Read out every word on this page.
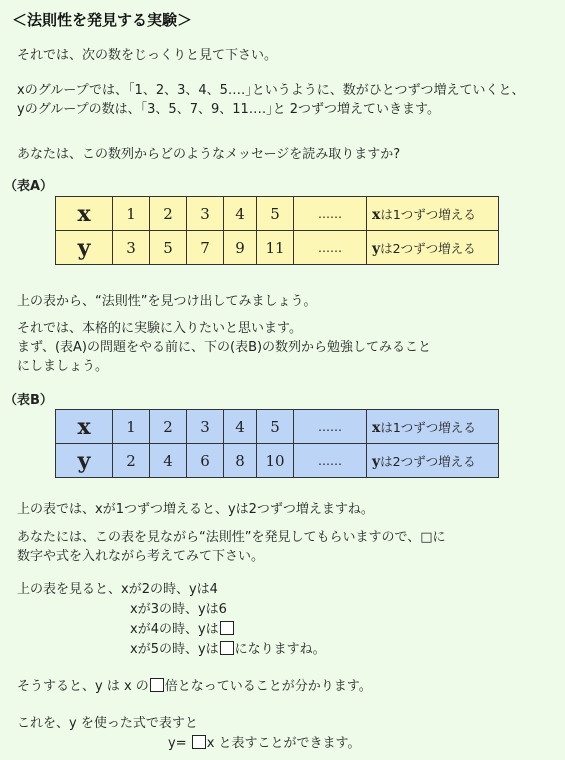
＜法則性を発見する実験＞
それでは、次の数をじっくりと見て下さい。
xのグループでは、｢1、2、3、4、5‥‥｣というように、数がひとつずつ増えていくと、
yのグループの数は、｢3、5、7、9、11‥‥｣と 2つずつ増えていきます。
あなたは、この数列からどのようなメッセージを読み取りますか?
（表A）
x	1	2	3	4	5	‥‥‥	xは1つずつ増える
y	3	5	7	9	11	‥‥‥	yは2つずつ増える
上の表から、“法則性”を見つけ出してみましょう。
それでは、本格的に実験に入りたいと思います。
まず、(表A)の問題をやる前に、下の(表B)の数列から勉強してみること
にしましょう。
（表B）
x	1	2	3	4	5	‥‥‥	xは1つずつ増える
y	2	4	6	8	10	‥‥‥	yは2つずつ増える
上の表では、xが1つずつ増えると、yは2つずつ増えますね。
あなたには、この表を見ながら“法則性”を発見してもらいますので、□に
数字や式を入れながら考えてみて下さい。
上の表を見ると、xが2の時、yは4
xが3の時、yは6
xが4の時、yは
xが5の時、yは になりますね。
そうすると、y は x の 倍となっていることが分かります。
これを、y を使った式で表すと
y= x と表すことができます。
